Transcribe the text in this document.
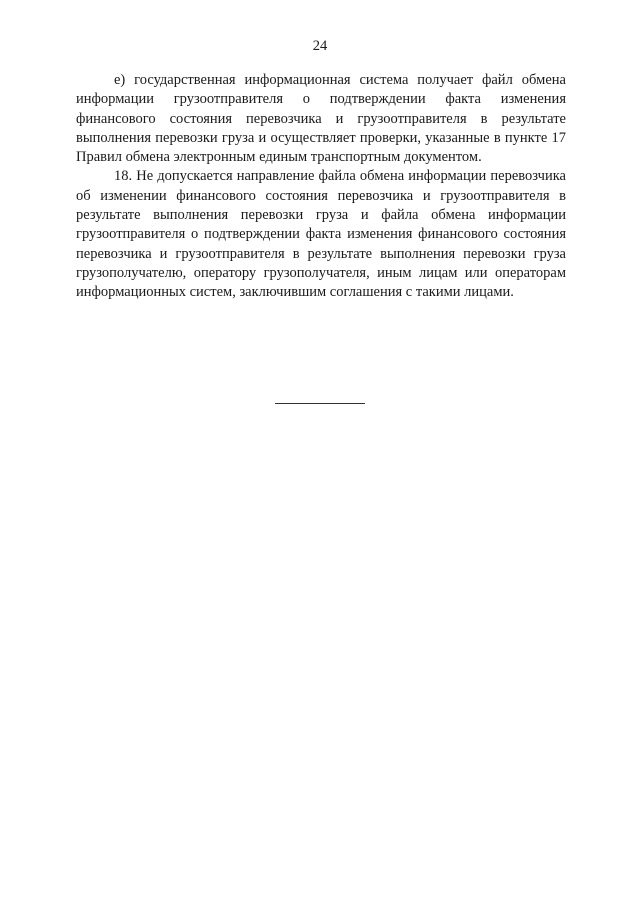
24

е) государственная информационная система получает файл обмена информации грузоотправителя о подтверждении факта изменения финансового состояния перевозчика и грузоотправителя в результате выполнения перевозки груза и осуществляет проверки, указанные в пункте 17 Правил обмена электронным единым транспортным документом.

18. Не допускается направление файла обмена информации перевозчика об изменении финансового состояния перевозчика и грузоотправителя в результате выполнения перевозки груза и файла обмена информации грузоотправителя о подтверждении факта изменения финансового состояния перевозчика и грузоотправителя в результате выполнения перевозки груза грузополучателю, оператору грузополучателя, иным лицам или операторам информационных систем, заключившим соглашения с такими лицами.
